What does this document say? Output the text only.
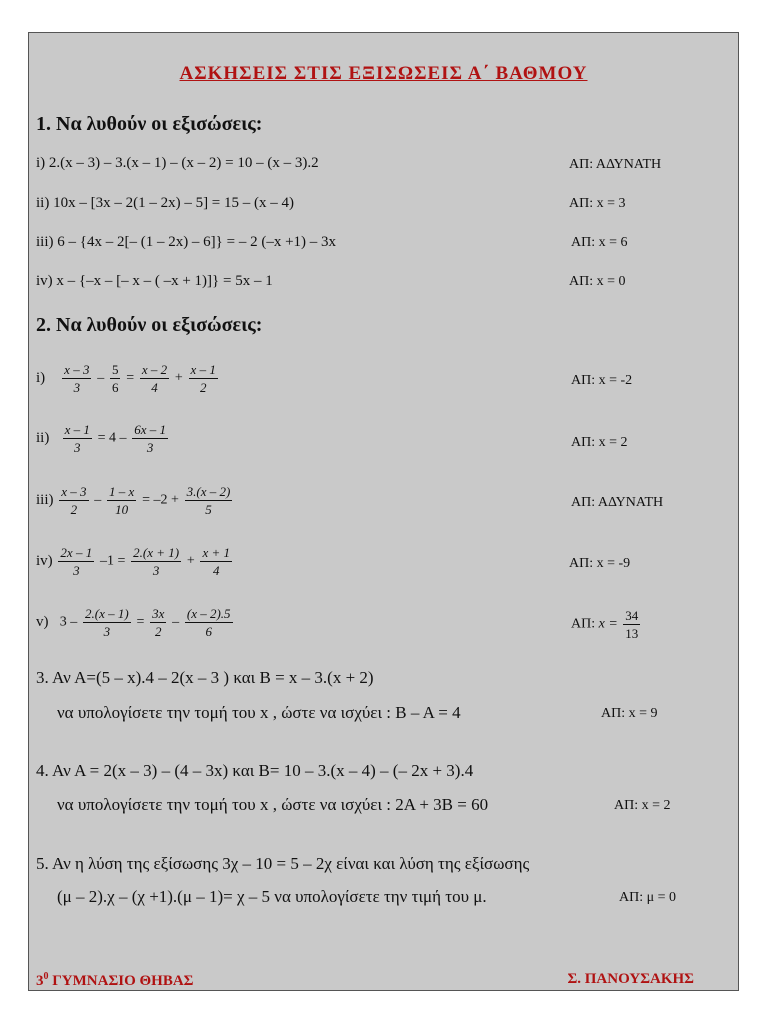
ΑΣΚΗΣΕΙΣ ΣΤΙΣ ΕΞΙΣΩΣΕΙΣ Α΄ ΒΑΘΜΟΥ
1. Να λυθούν οι εξισώσεις:
i) 2.(x – 3) – 3.(x – 1) – (x – 2) = 10 – (x – 3).2	ΑΠ: ΑΔΥΝΑΤΗ
ii) 10x – [3x – 2(1 – 2x) – 5] = 15 – (x – 4)	ΑΠ: x = 3
iii) 6 – {4x – 2[– (1 – 2x) – 6]} = – 2 (–x +1) – 3x	ΑΠ: x = 6
iv) x – {–x – [– x – ( –x + 1)]} = 5x – 1	ΑΠ: x = 0
2. Να λυθούν οι εξισώσεις:
$i) \frac{x - 3}{3} - \frac{5}{6} = \frac{x - 2}{4} + \frac{x - 1}{2}$	ΑΠ: x = -2
$ii) \frac{x - 1}{3} = 4 - \frac{6x - 1}{3}$	ΑΠ: x = 2
$iii) \frac{x - 3}{2} - \frac{1 - x}{10} = -2 + \frac{3.(x - 2)}{5}$	ΑΠ: ΑΔΥΝΑΤΗ
$iv) \frac{2x - 1}{3} -1 = \frac{2.(x + 1)}{3} + \frac{x + 1}{4}$	ΑΠ: x = -9
v) $3 - \frac{2.(x - 1)}{3} = \frac{3x}{2} - \frac{(x - 2).5}{6}$	ΑΠ: $x = \frac{34}{13}$
3. Αν Α=(5 – x).4 – 2(x – 3 ) και Β = x – 3.(x + 2)
να υπολογίσετε την τομή του x , ώστε να ισχύει : Β – Α = 4	ΑΠ: x = 9
4. Αν Α = 2(x – 3) – (4 – 3x) και Β= 10 – 3.(x – 4) – (– 2x + 3).4
να υπολογίσετε την τομή του x , ώστε να ισχύει : 2Α + 3Β = 60	ΑΠ: x = 2
5. Αν η λύση της εξίσωσης 3χ – 10 = 5 – 2χ είναι και λύση της εξίσωσης
(μ – 2).χ – (χ +1).(μ – 1)= χ – 5 να υπολογίσετε την τιμή του μ.	ΑΠ: μ = 0
$3^0$ ΓΥΜΝΑΣΙΟ ΘΗΒΑΣ	Σ. ΠΑΝΟΥΣΑΚΗΣ
